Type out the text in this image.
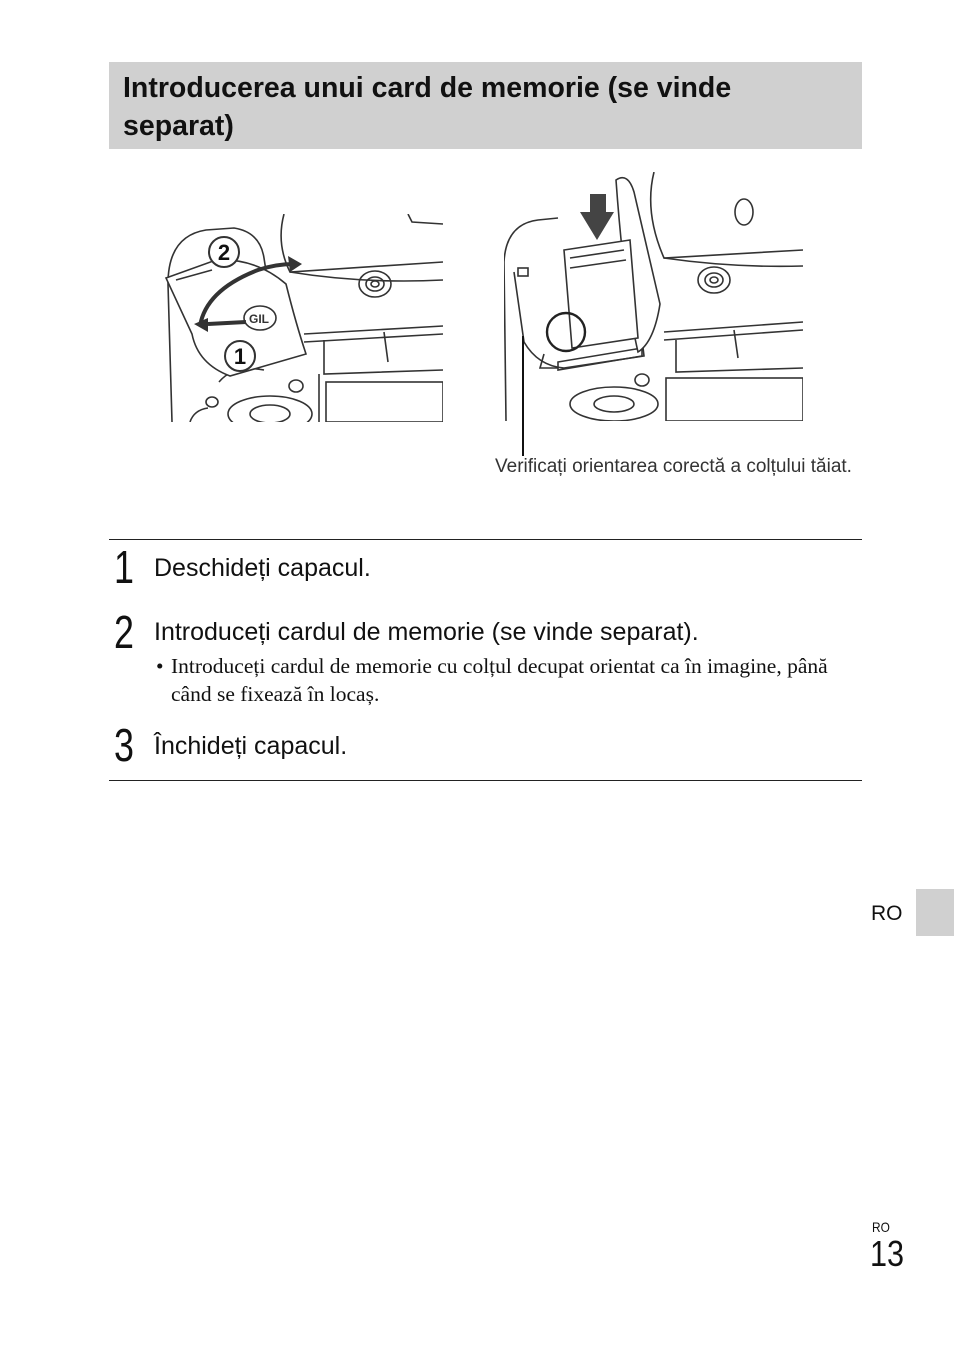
Introducerea unui card de memorie (se vinde separat)
GIL
2
1
Verificați orientarea corectă a colțului tăiat.
1 Deschideți capacul.
2 Introduceți cardul de memorie (se vinde separat).
• Introduceți cardul de memorie cu colțul decupat orientat ca în imagine, până când se fixează în locaș.
3 Închideți capacul.
RO
RO
13
